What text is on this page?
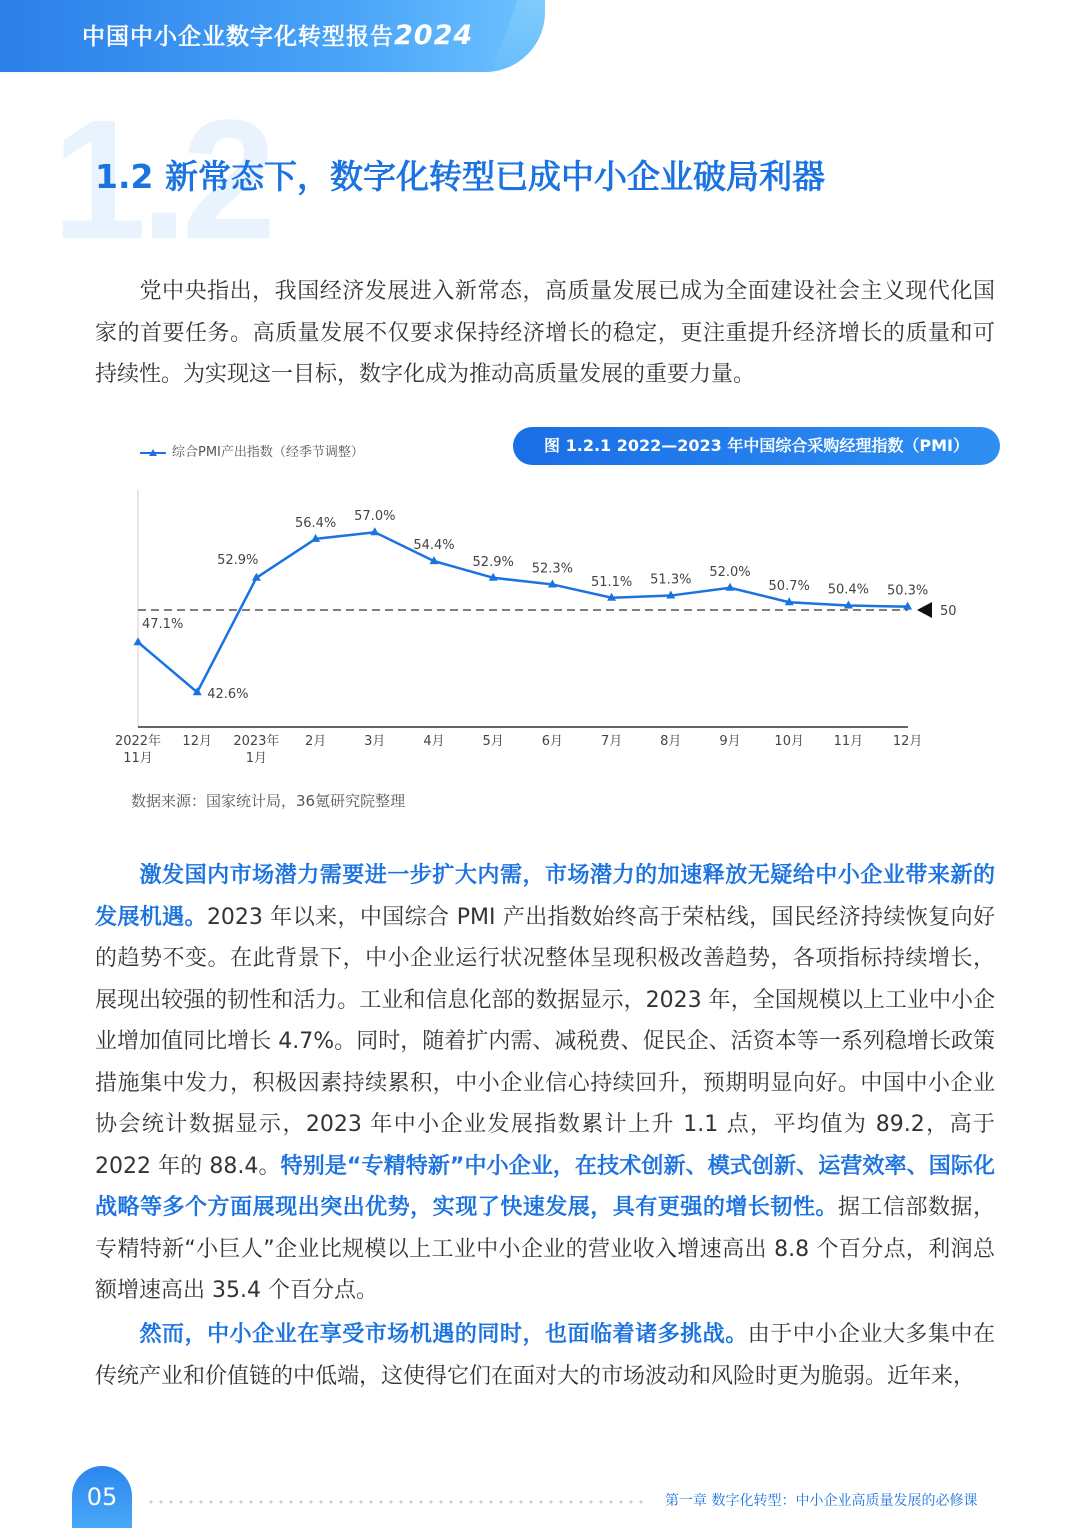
中国中小企业数字化转型报告2024
1.2
1.2 新常态下，数字化转型已成中小企业破局利器
党中央指出，我国经济发展进入新常态，高质量发展已成为全面建设社会主义现代化国家的首要任务。高质量发展不仅要求保持经济增长的稳定，更注重提升经济增长的质量和可持续性。为实现这一目标，数字化成为推动高质量发展的重要力量。
综合PMI产出指数（经季节调整）	图 1.2.1 2022—2023 年中国综合采购经理指数（PMI）
50
47.1%
42.6%
52.9%
56.4% 57.0%
54.4%
52.9% 52.3%
51.1% 51.3%
52.0%
50.7% 50.4% 50.3%
2022年 11月
12月 2023年 1月
2月	3月	4月	5月	6月	7月	8月	9月	10月 11月 12月
数据来源：国家统计局，36氪研究院整理
激发国内市场潜力需要进一步扩大内需，市场潜力的加速释放无疑给中小企业带来新的发展机遇。2023 年以来，中国综合 PMI 产出指数始终高于荣枯线，国民经济持续恢复向好的趋势不变。在此背景下，中小企业运行状况整体呈现积极改善趋势，各项指标持续增长，展现出较强的韧性和活力。工业和信息化部的数据显示，2023 年，全国规模以上工业中小企业增加值同比增长 4.7%。同时，随着扩内需、减税费、促民企、活资本等一系列稳增长政策措施集中发力，积极因素持续累积，中小企业信心持续回升，预期明显向好。中国中小企业协会统计数据显示，2023 年中小企业发展指数累计上升 1.1 点，平均值为 89.2，高于 2022 年的 88.4。特别是“专精特新”中小企业，在技术创新、模式创新、运营效率、国际化战略等多个方面展现出突出优势，实现了快速发展，具有更强的增长韧性。据工信部数据，专精特新“小巨人”企业比规模以上工业中小企业的营业收入增速高出 8.8 个百分点，利润总额增速高出 35.4 个百分点。
然而，中小企业在享受市场机遇的同时，也面临着诸多挑战。由于中小企业大多集中在传统产业和价值链的中低端，这使得它们在面对大的市场波动和风险时更为脆弱。近年来，
05	第一章 数字化转型：中小企业高质量发展的必修课
